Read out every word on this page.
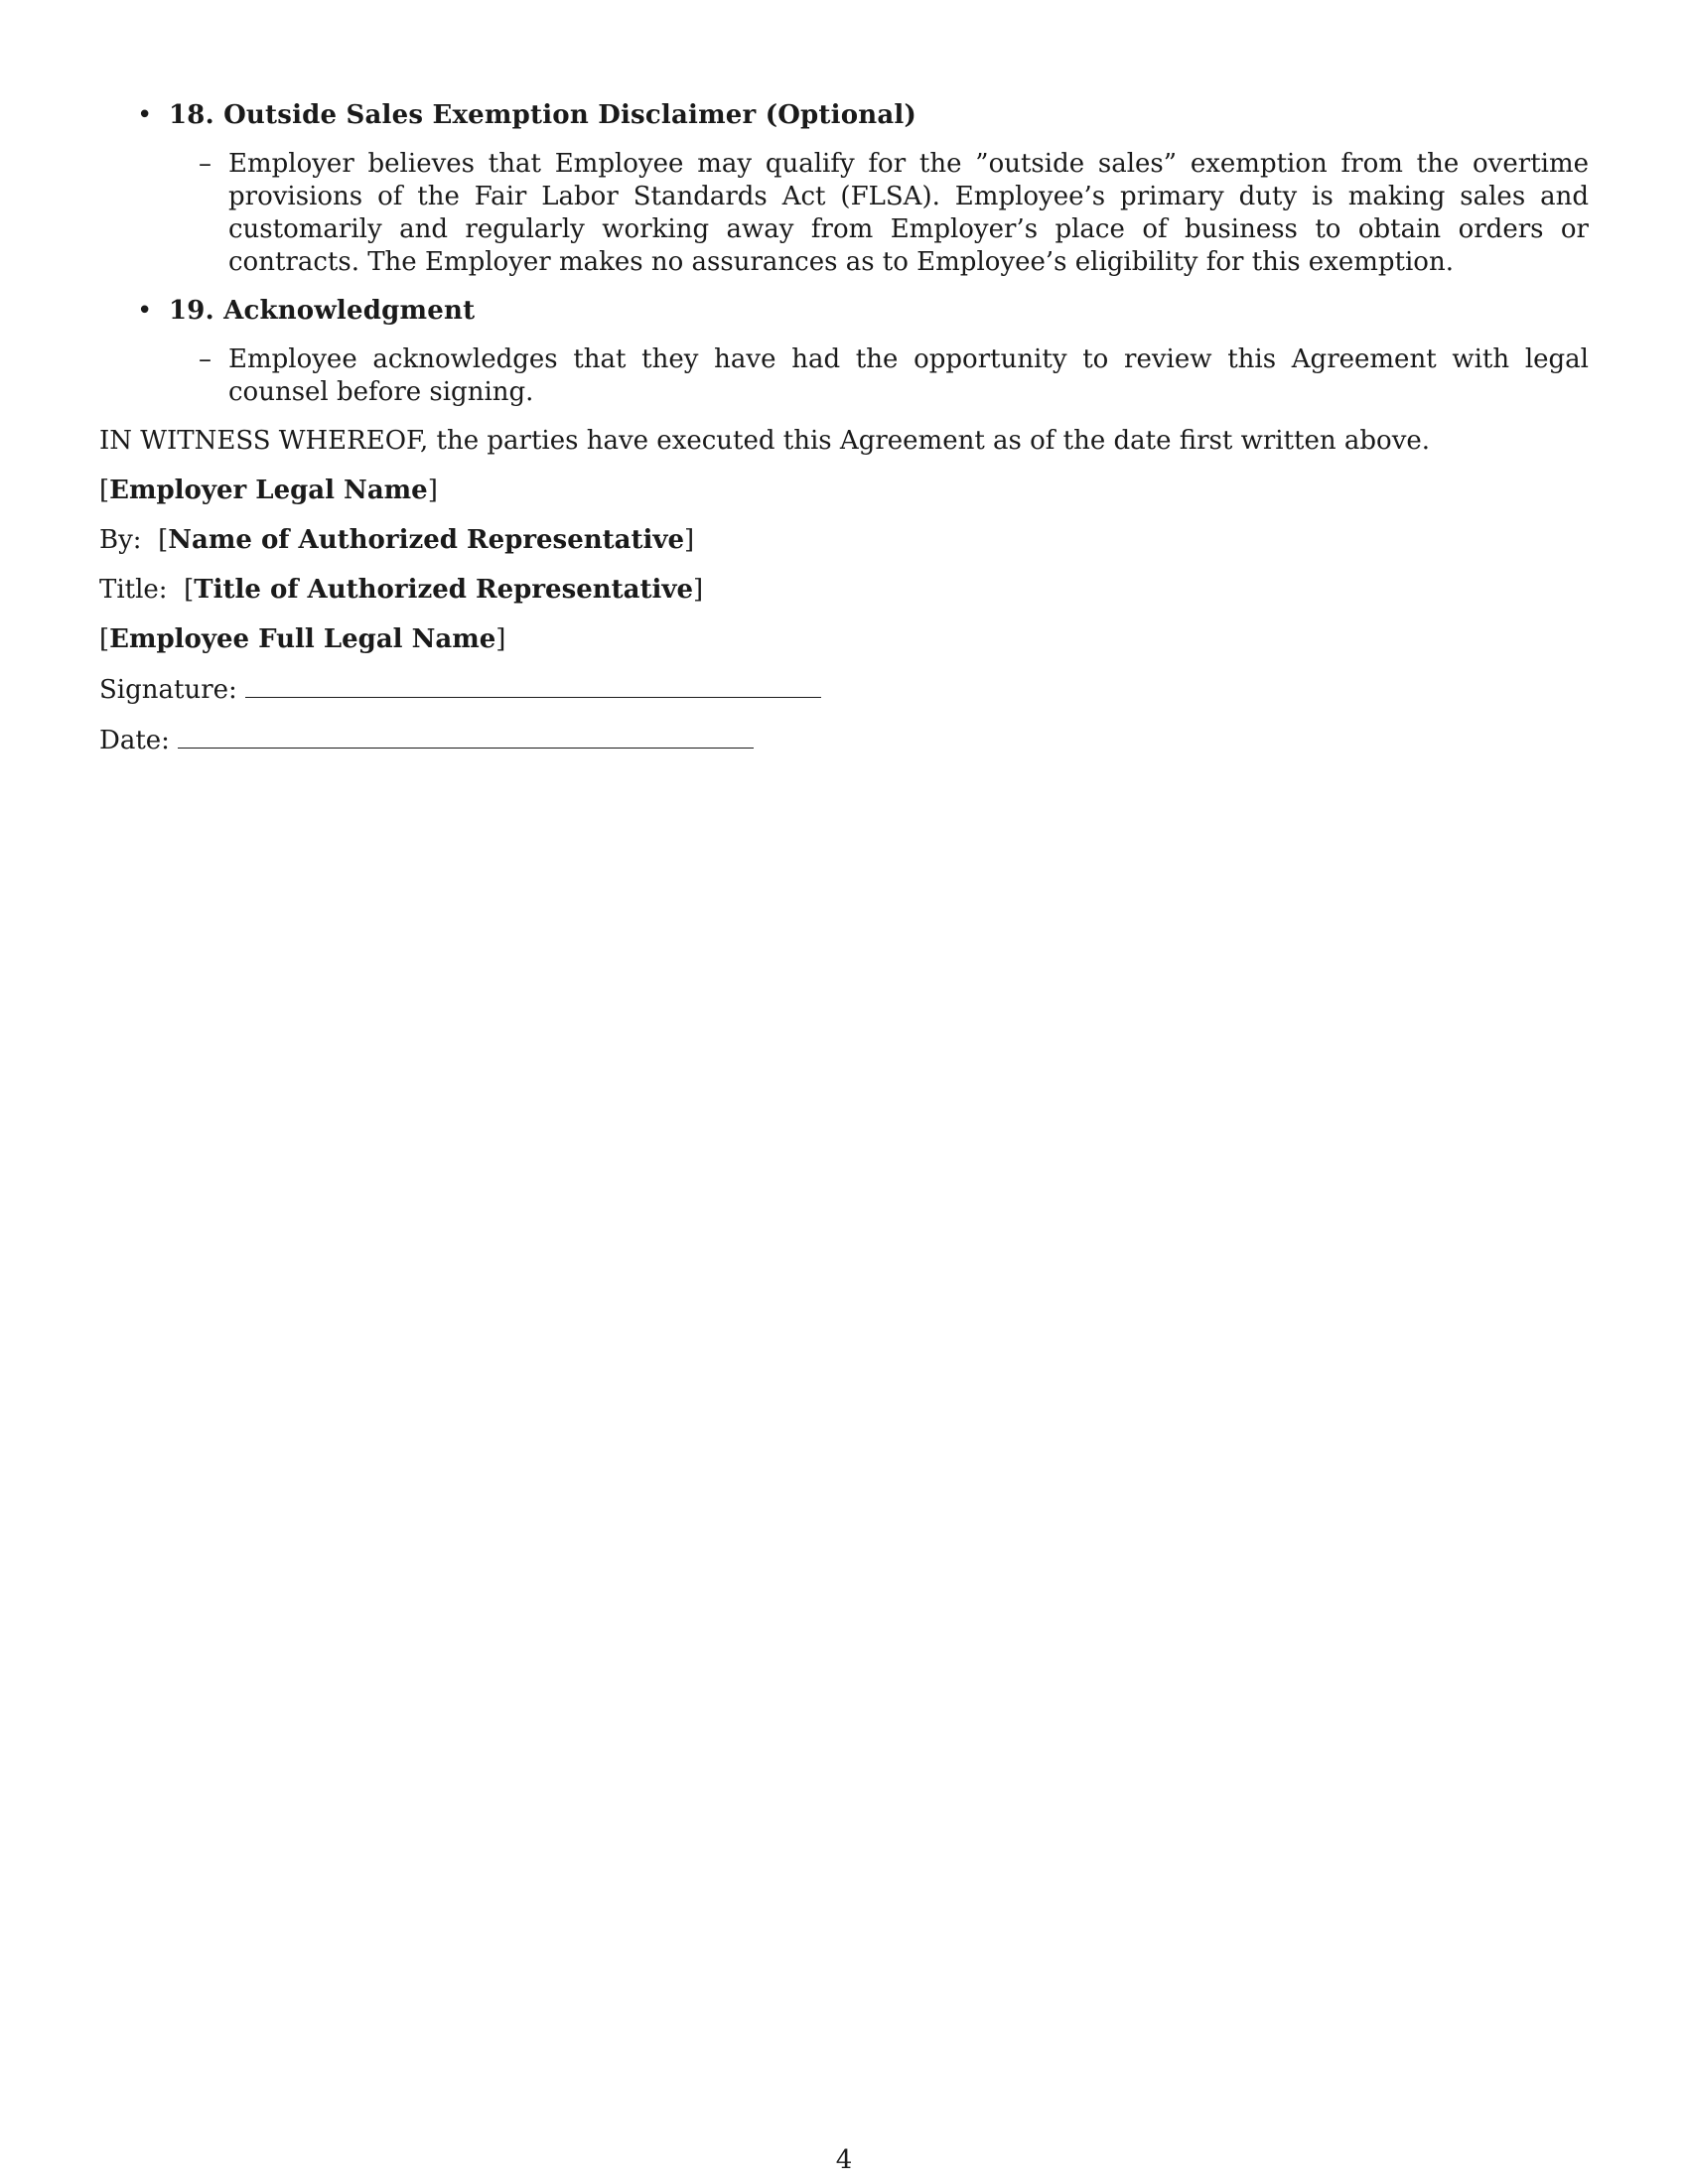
• 18. Outside Sales Exemption Disclaimer (Optional)
– Employer believes that Employee may qualify for the ”outside sales” exemption from the overtime provisions of the Fair Labor Standards Act (FLSA). Employee’s primary duty is making sales and customarily and regularly working away from Employer’s place of business to obtain orders or contracts. The Employer makes no assurances as to Employee’s eligibility for this exemption.
• 19. Acknowledgment
– Employee acknowledges that they have had the opportunity to review this Agreement with legal counsel before signing.

IN WITNESS WHEREOF, the parties have executed this Agreement as of the date first written above.

[Employer Legal Name]
By: [Name of Authorized Representative]
Title: [Title of Authorized Representative]
[Employee Full Legal Name]
Signature:
Date:
4
